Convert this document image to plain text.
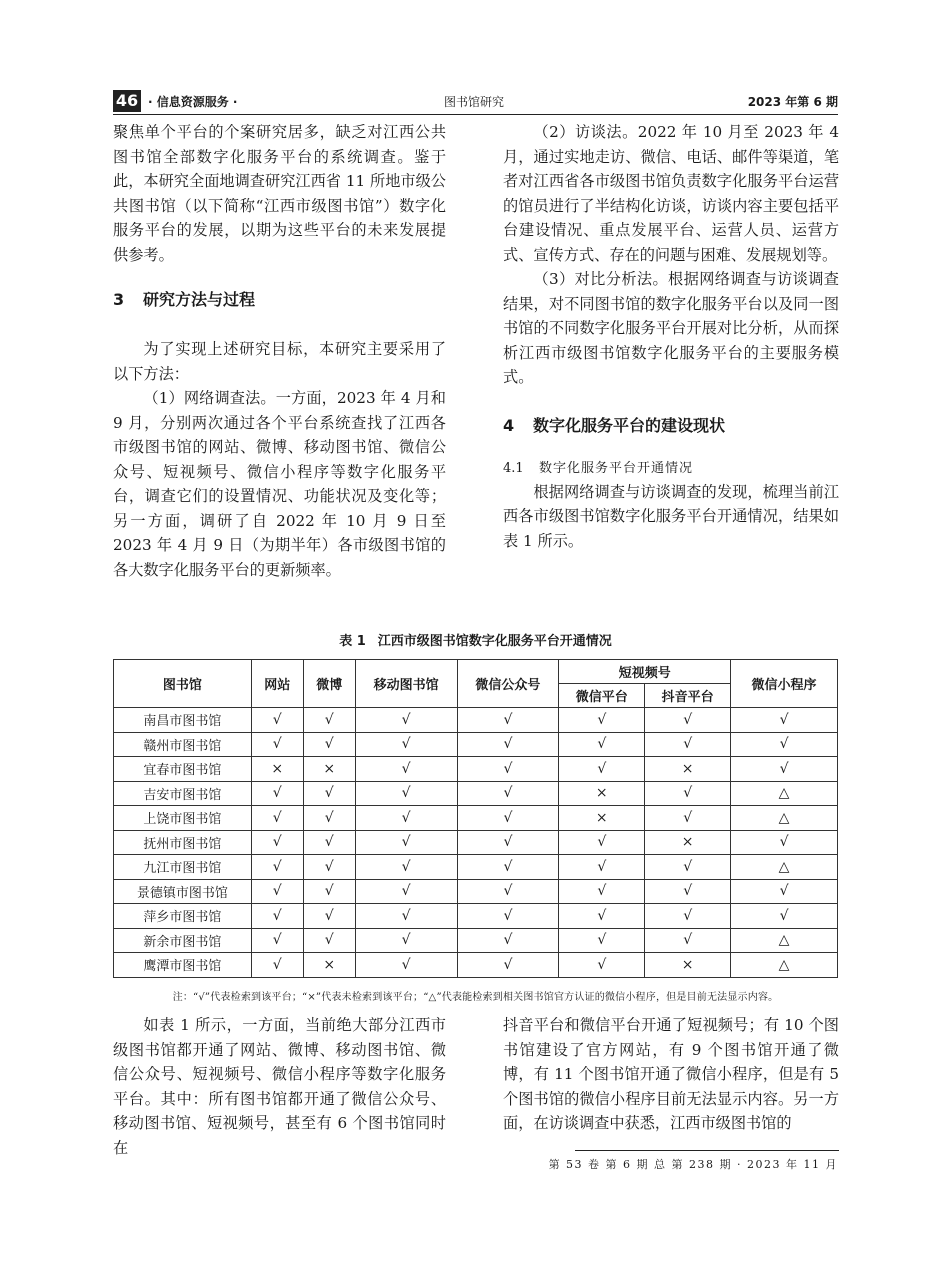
46 · 信息资源服务 ·	图书馆研究	2023 年第 6 期

聚焦单个平台的个案研究居多，缺乏对江西公共图书馆全部数字化服务平台的系统调查。鉴于此，本研究全面地调查研究江西省 11 所地市级公共图书馆（以下简称“江西市级图书馆”）数字化服务平台的发展，以期为这些平台的未来发展提供参考。

3 研究方法与过程

为了实现上述研究目标，本研究主要采用了以下方法：

（1）网络调查法。一方面，2023 年 4 月和 9 月，分别两次通过各个平台系统查找了江西各市级图书馆的网站、微博、移动图书馆、微信公众号、短视频号、微信小程序等数字化服务平台，调查它们的设置情况、功能状况及变化等；另一方面，调研了自 2022 年 10 月 9 日至 2023 年 4 月 9 日（为期半年）各市级图书馆的各大数字化服务平台的更新频率。

（2）访谈法。2022 年 10 月至 2023 年 4 月，通过实地走访、微信、电话、邮件等渠道，笔者对江西省各市级图书馆负责数字化服务平台运营的馆员进行了半结构化访谈，访谈内容主要包括平台建设情况、重点发展平台、运营人员、运营方式、宣传方式、存在的问题与困难、发展规划等。

（3）对比分析法。根据网络调查与访谈调查结果，对不同图书馆的数字化服务平台以及同一图书馆的不同数字化服务平台开展对比分析，从而探析江西市级图书馆数字化服务平台的主要服务模式。

4 数字化服务平台的建设现状
4.1 数字化服务平台开通情况

根据网络调查与访谈调查的发现，梳理当前江西各市级图书馆数字化服务平台开通情况，结果如表 1 所示。

表 1 江西市级图书馆数字化服务平台开通情况
图书馆	网站	微博	移动图书馆	微信公众号	短视频号		微信小程序
					微信平台	抖音平台	
南昌市图书馆	√	√	√	√	√	√	√
赣州市图书馆	√	√	√	√	√	√	√
宜春市图书馆	×	×	√	√	√	×	√
吉安市图书馆	√	√	√	√	×	√	△
上饶市图书馆	√	√	√	√	×	√	△
抚州市图书馆	√	√	√	√	√	×	√
九江市图书馆	√	√	√	√	√	√	△
景德镇市图书馆	√	√	√	√	√	√	√
萍乡市图书馆	√	√	√	√	√	√	√
新余市图书馆	√	√	√	√	√	√	△
鹰潭市图书馆	√	×	√	√	√	×	△
注：“√”代表检索到该平台；“×”代表未检索到该平台；“△”代表能检索到相关图书馆官方认证的微信小程序，但是目前无法显示内容。

如表 1 所示，一方面，当前绝大部分江西市级图书馆都开通了网站、微博、移动图书馆、微信公众号、短视频号、微信小程序等数字化服务平台。其中：所有图书馆都开通了微信公众号、移动图书馆、短视频号，甚至有 6 个图书馆同时在

抖音平台和微信平台开通了短视频号；有 10 个图书馆建设了官方网站，有 9 个图书馆开通了微博，有 11 个图书馆开通了微信小程序，但是有 5 个图书馆的微信小程序目前无法显示内容。另一方面，在访谈调查中获悉，江西市级图书馆的

第 53 卷 第 6 期 总 第 238 期 · 2023 年 11 月
